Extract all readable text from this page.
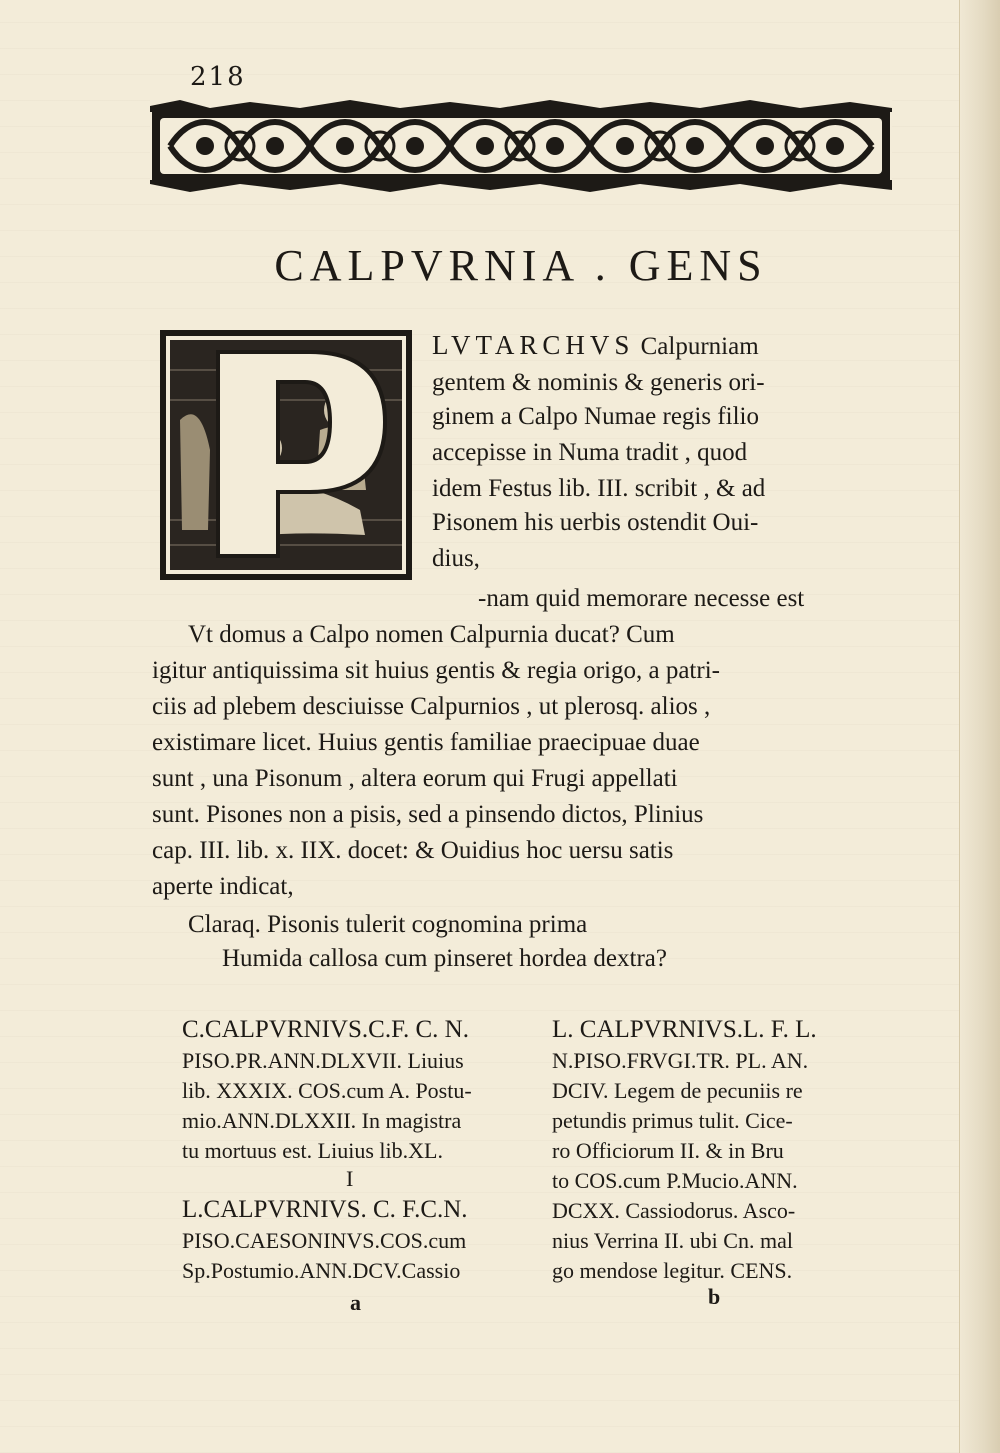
218
CALPVRNIA . GENS
LVTARCHVS Calpurniam
gentem & nominis & generis ori-
ginem a Calpo Numae regis filio
accepisse in Numa tradit , quod
idem Festus lib. III. scribit , & ad
Pisonem his uerbis ostendit Oui-
dius,
-nam quid memorare necesse est
Vt domus a Calpo nomen Calpurnia ducat? Cum
igitur antiquissima sit huius gentis & regia origo, a patri-
ciis ad plebem desciuisse Calpurnios , ut plerosq. alios ,
existimare licet. Huius gentis familiae praecipuae duae
sunt , una Pisonum , altera eorum qui Frugi appellati
sunt. Pisones non a pisis, sed a pinsendo dictos, Plinius
cap. III. lib. x. IIX. docet: & Ouidius hoc uersu satis
aperte indicat,
Claraq. Pisonis tulerit cognomina prima
Humida callosa cum pinseret hordea dextra?
C.CALPVRNIVS.C.F. C. N.
PISO.PR.ANN.DLXVII. Liuius
lib. XXXIX. COS.cum A. Postu-
mio.ANN.DLXXII. In magistra
tu mortuus est. Liuius lib.XL.
I
L.CALPVRNIVS. C. F.C.N.
PISO.CAESONINVS.COS.cum
Sp.Postumio.ANN.DCV.Cassio
L. CALPVRNIVS.L. F. L.
N.PISO.FRVGI.TR. PL. AN.
DCIV. Legem de pecuniis re
petundis primus tulit. Cice-
ro Officiorum II. & in Bru
to COS.cum P.Mucio.ANN.
DCXX. Cassiodorus. Asco-
nius Verrina II. ubi Cn. mal
go mendose legitur. CENS.
a	b
